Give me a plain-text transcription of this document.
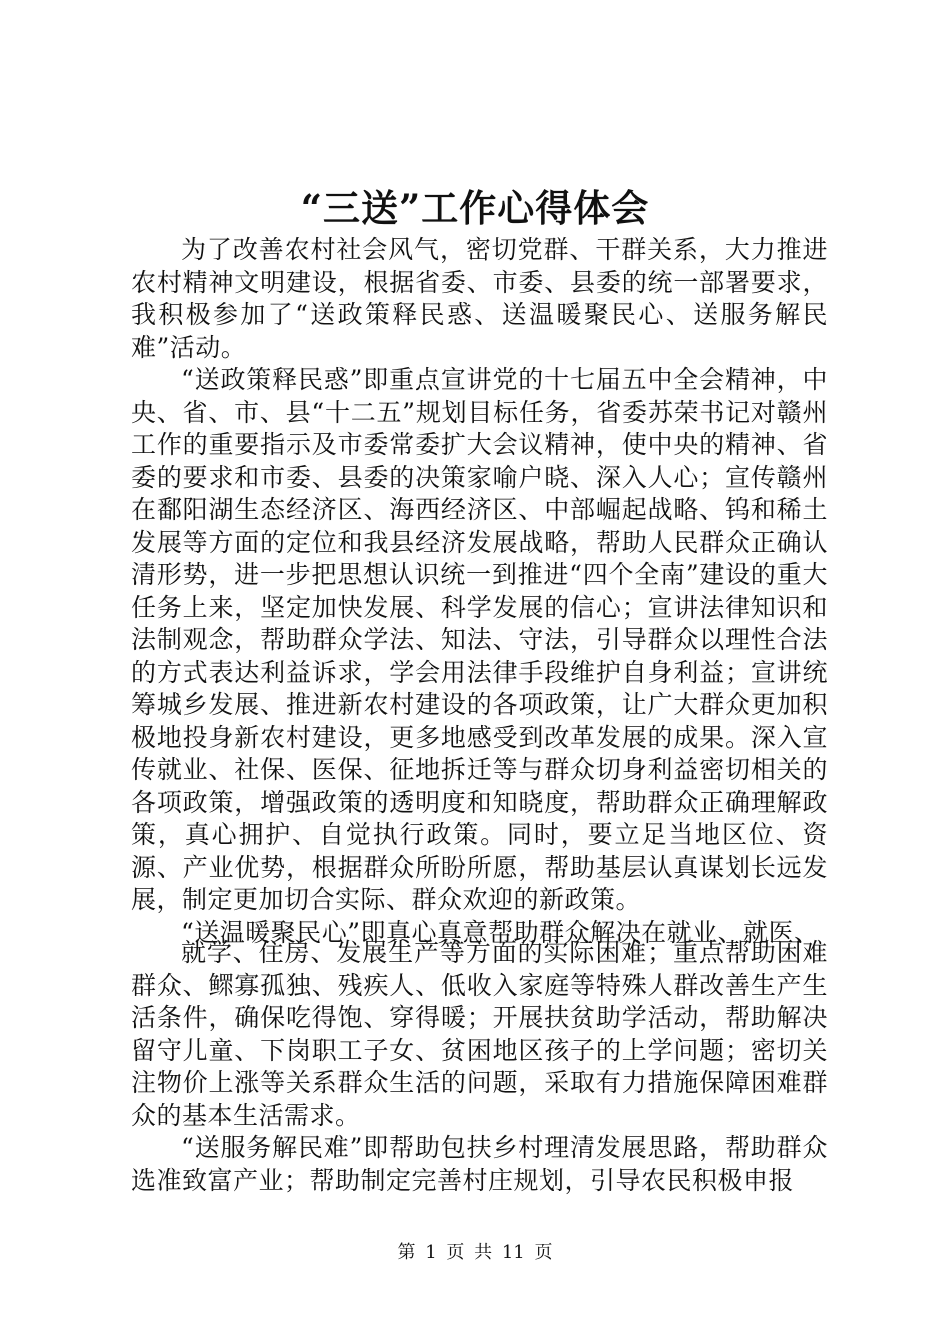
“三送”工作心得体会

为了改善农村社会风气，密切党群、干群关系，大力推进农村精神文明建设，根据省委、市委、县委的统一部署要求，我积极参加了“送政策释民惑、送温暖聚民心、送服务解民难”活动。

“送政策释民惑”即重点宣讲党的十七届五中全会精神，中央、省、市、县“十二五”规划目标任务，省委苏荣书记对赣州工作的重要指示及市委常委扩大会议精神，使中央的精神、省委的要求和市委、县委的决策家喻户晓、深入人心；宣传赣州在鄱阳湖生态经济区、海西经济区、中部崛起战略、钨和稀土发展等方面的定位和我县经济发展战略，帮助人民群众正确认清形势，进一步把思想认识统一到推进“四个全南”建设的重大任务上来，坚定加快发展、科学发展的信心；宣讲法律知识和法制观念，帮助群众学法、知法、守法，引导群众以理性合法的方式表达利益诉求，学会用法律手段维护自身利益；宣讲统筹城乡发展、推进新农村建设的各项政策，让广大群众更加积极地投身新农村建设，更多地感受到改革发展的成果。深入宣传就业、社保、医保、征地拆迁等与群众切身利益密切相关的各项政策，增强政策的透明度和知晓度，帮助群众正确理解政策，真心拥护、自觉执行政策。同时，要立足当地区位、资源、产业优势，根据群众所盼所愿，帮助基层认真谋划长远发展，制定更加切合实际、群众欢迎的新政策。

“送温暖聚民心”即真心真意帮助群众解决在就业、就医、

就学、住房、发展生产等方面的实际困难；重点帮助困难群众、鳏寡孤独、残疾人、低收入家庭等特殊人群改善生产生活条件，确保吃得饱、穿得暖；开展扶贫助学活动，帮助解决留守儿童、下岗职工子女、贫困地区孩子的上学问题；密切关注物价上涨等关系群众生活的问题，采取有力措施保障困难群众的基本生活需求。

“送服务解民难”即帮助包扶乡村理清发展思路，帮助群众选准致富产业；帮助制定完善村庄规划，引导农民积极申报

第 1 页 共 11 页
